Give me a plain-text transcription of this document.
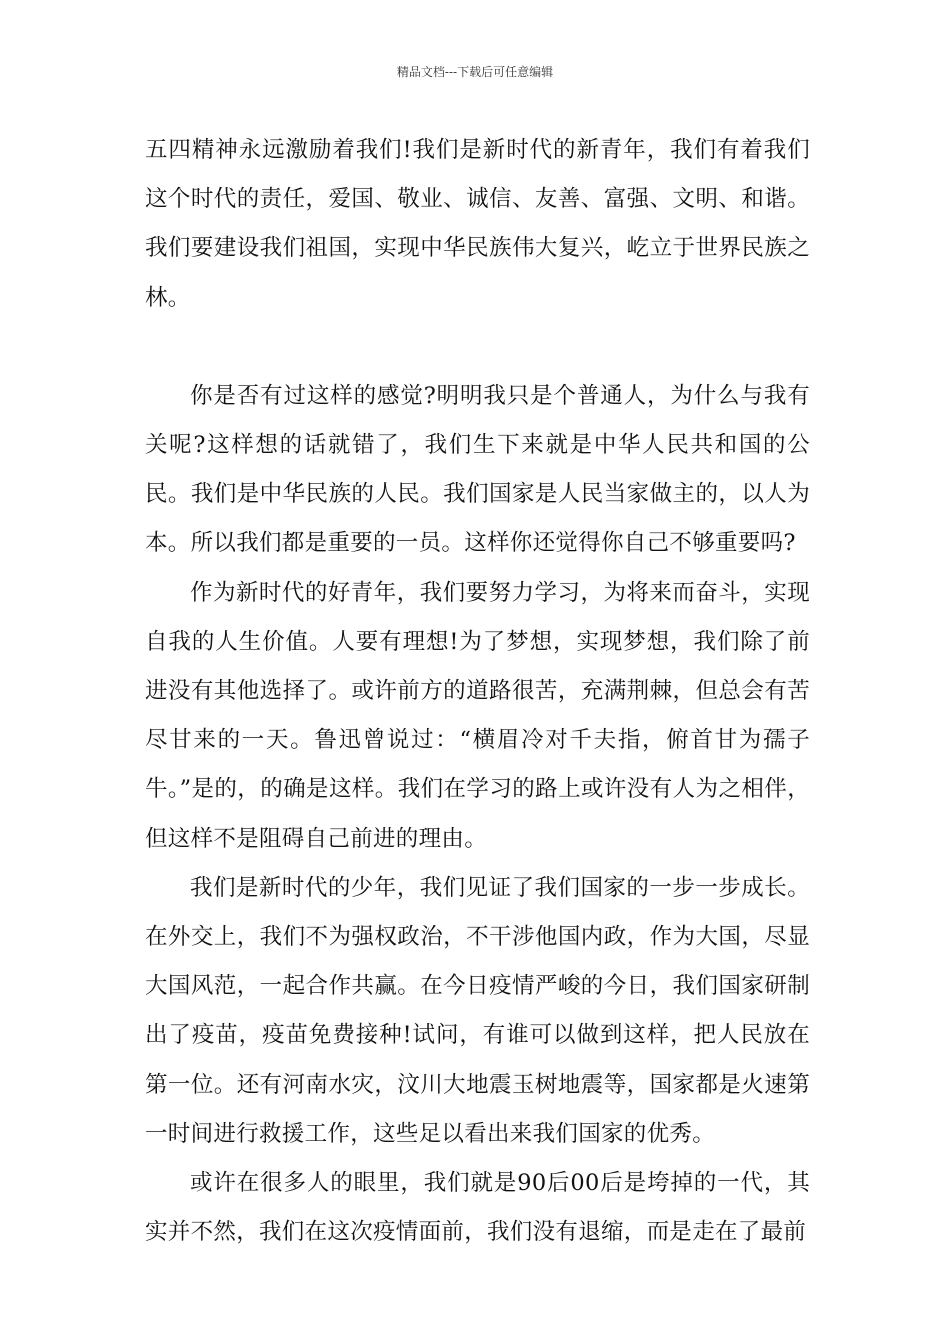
精品文档---下载后可任意编辑

五四精神永远激励着我们!我们是新时代的新青年，我们有着我们这个时代的责任，爱国、敬业、诚信、友善、富强、文明、和谐。我们要建设我们祖国，实现中华民族伟大复兴，屹立于世界民族之林。

你是否有过这样的感觉?明明我只是个普通人，为什么与我有关呢?这样想的话就错了，我们生下来就是中华人民共和国的公民。我们是中华民族的人民。我们国家是人民当家做主的，以人为本。所以我们都是重要的一员。这样你还觉得你自己不够重要吗?

作为新时代的好青年，我们要努力学习，为将来而奋斗，实现自我的人生价值。人要有理想!为了梦想，实现梦想，我们除了前进没有其他选择了。或许前方的道路很苦，充满荆棘，但总会有苦尽甘来的一天。鲁迅曾说过：“横眉冷对千夫指，俯首甘为孺子牛。”是的，的确是这样。我们在学习的路上或许没有人为之相伴，但这样不是阻碍自己前进的理由。

我们是新时代的少年，我们见证了我们国家的一步一步成长。在外交上，我们不为强权政治，不干涉他国内政，作为大国，尽显大国风范，一起合作共赢。在今日疫情严峻的今日，我们国家研制出了疫苗，疫苗免费接种!试问，有谁可以做到这样，把人民放在第一位。还有河南水灾，汶川大地震玉树地震等，国家都是火速第一时间进行救援工作，这些足以看出来我们国家的优秀。

或许在很多人的眼里，我们就是90后00后是垮掉的一代，其实并不然，我们在这次疫情面前，我们没有退缩，而是走在了最前
